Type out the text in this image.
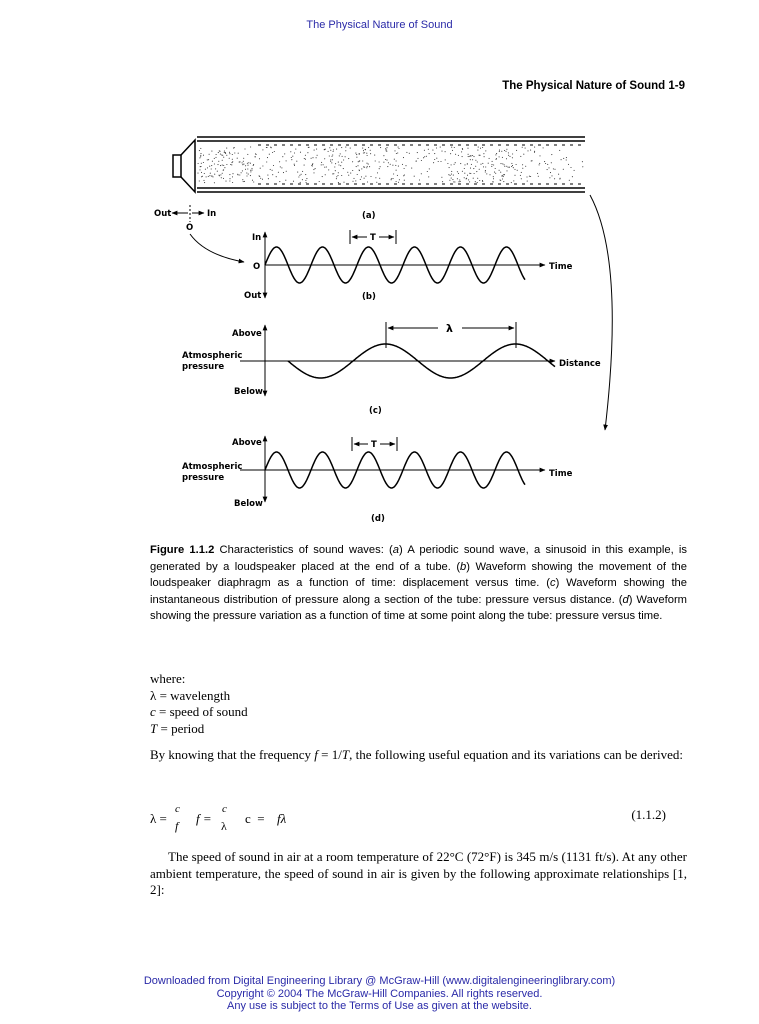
The Physical Nature of Sound
The Physical Nature of Sound 1-9
Out	In
O
(a)
T
In
O
Out
Time
(b)
λ
Above
Atmospheric
pressure
Below
Distance
(c)
T
Above
Atmospheric
pressure
Below
Time
(d)
Figure 1.1.2 Characteristics of sound waves: (a) A periodic sound wave, a sinusoid in this example, is generated by a loudspeaker placed at the end of a tube. (b) Waveform showing the movement of the loudspeaker diaphragm as a function of time: displacement versus time. (c) Waveform showing the instantaneous distribution of pressure along a section of the tube: pressure versus distance. (d) Waveform showing the pressure variation as a function of time at some point along the tube: pressure versus time.
where:
λ = wavelength
c = speed of sound
T = period
By knowing that the frequency f = 1/T, the following useful equation and its variations can be derived:
λ =
c
f f =
c
λ c  = fλ	(1.1.2)
The speed of sound in air at a room temperature of 22°C (72°F) is 345 m/s (1131 ft/s). At any other ambient temperature, the speed of sound in air is given by the following approximate relationships [1, 2]:
Downloaded from Digital Engineering Library @ McGraw-Hill (www.digitalengineeringlibrary.com)
Copyright © 2004 The McGraw-Hill Companies. All rights reserved.
Any use is subject to the Terms of Use as given at the website.
